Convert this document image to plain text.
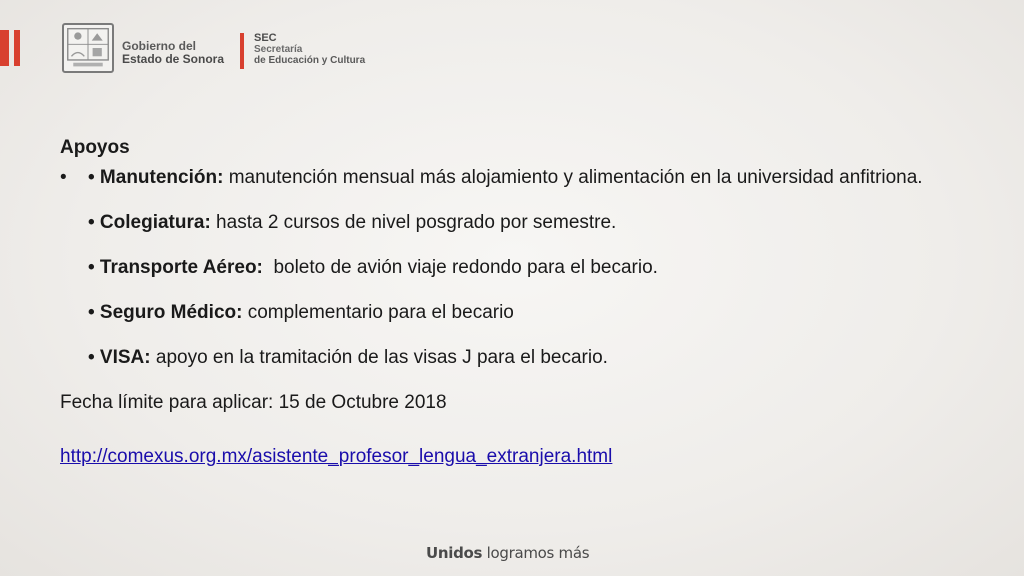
Gobierno del
Estado de Sonora
SEC
Secretaría
de Educación y Cultura
Apoyos
• • Manutención: manutención mensual más alojamiento y alimentación en la universidad anfitriona.
• Colegiatura: hasta 2 cursos de nivel posgrado por semestre.
• Transporte Aéreo:  boleto de avión viaje redondo para el becario.
• Seguro Médico: complementario para el becario
• VISA: apoyo en la tramitación de las visas J para el becario.
Fecha límite para aplicar: 15 de Octubre 2018
http://comexus.org.mx/asistente_profesor_lengua_extranjera.html
Unidos logramos más
